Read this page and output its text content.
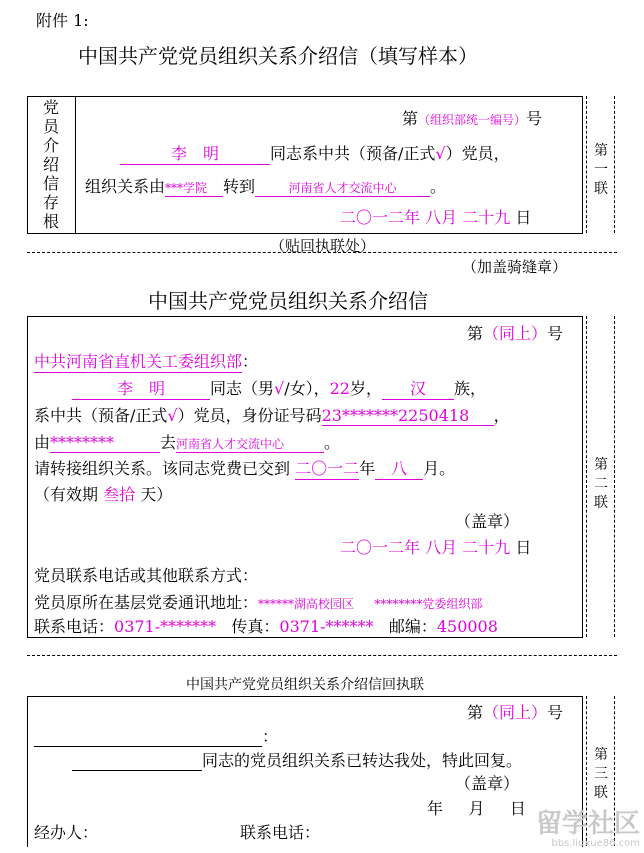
附件 1:
中国共产党党员组织关系介绍信（填写样本）
党
员
介
绍
信
存
根
第（组织部统一编号）号
李　明	同志系中共（预备/正式√）党员，
组织关系由***学院 转到	河南省人才交流中心 。
二〇一二年 八月 二十九 日
第
一
联
（贴回执联处）
（加盖骑缝章）
中国共产党党员组织关系介绍信
第
二
联
第（同上）号
中共河南省直机关工委组织部：
李　明	同志（男√/女），22岁， 汉 族，
系中共（预备/正式√）党员，身份证号码23*******2250418 ，
由********	去河南省人才交流中心 。
请转接组织关系。该同志党费已交到 二〇一二年 八 月。
（有效期 叁拾 天）
（盖章）
二〇一二年 八月 二十九 日
党员联系电话或其他联系方式：
党员原所在基层党委通讯地址：******湖高校园区 ********党委组织部
联系电话：0371-******* 传真：0371-****** 邮编：450008
中国共产党党员组织关系介绍信回执联
第
三
联
第（同上）号
：
同志的党员组织关系已转达我处，特此回复。
（盖章）
年 月 日
经办人：	联系电话：	留学社区
bbs.liuxue86.com
